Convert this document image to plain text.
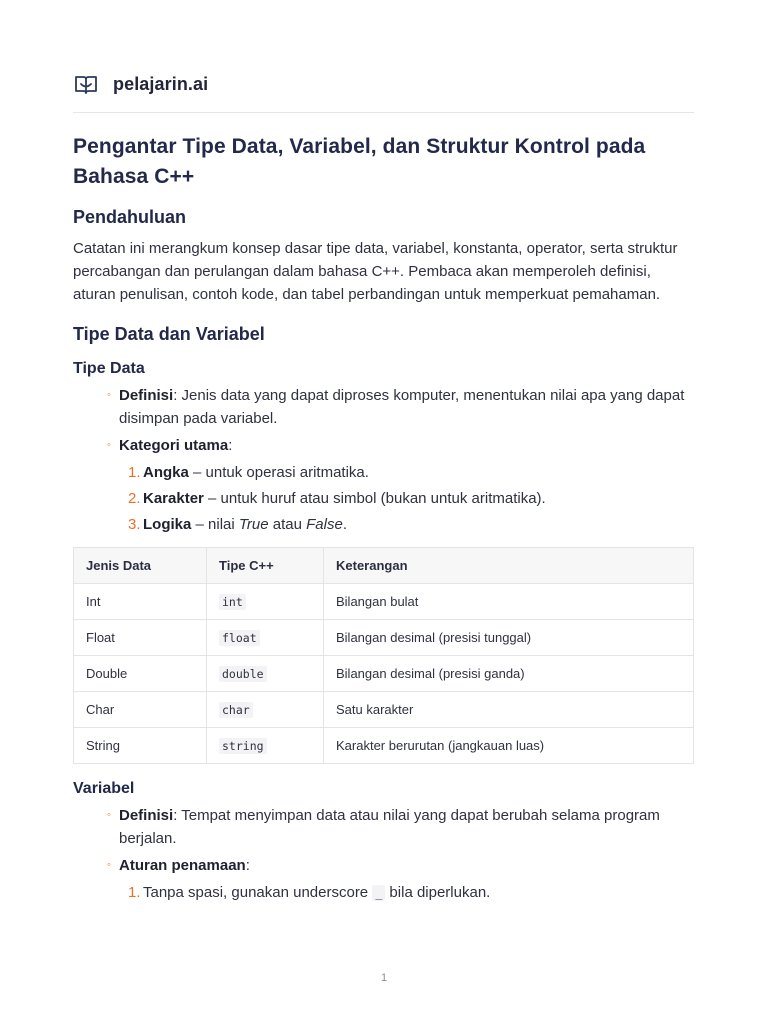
pelajarin.ai
Pengantar Tipe Data, Variabel, dan Struktur Kontrol pada Bahasa C++
Pendahuluan

Catatan ini merangkum konsep dasar tipe data, variabel, konstanta, operator, serta struktur percabangan dan perulangan dalam bahasa C++. Pembaca akan memperoleh definisi, aturan penulisan, contoh kode, dan tabel perbandingan untuk memperkuat pemahaman.

Tipe Data dan Variabel
Tipe Data
◦ Definisi: Jenis data yang dapat diproses komputer, menentukan nilai apa yang dapat disimpan pada variabel.
◦ Kategori utama:
1. Angka – untuk operasi aritmatika.
2. Karakter – untuk huruf atau simbol (bukan untuk aritmatika).
3. Logika – nilai True atau False.
Jenis Data	Tipe C++	Keterangan
Int	int	Bilangan bulat
Float	float	Bilangan desimal (presisi tunggal)
Double	double	Bilangan desimal (presisi ganda)
Char	char	Satu karakter
String	string	Karakter berurutan (jangkauan luas)
Variabel
◦ Definisi: Tempat menyimpan data atau nilai yang dapat berubah selama program berjalan.
◦ Aturan penamaan:
1. Tanpa spasi, gunakan underscore _ bila diperlukan.
1
